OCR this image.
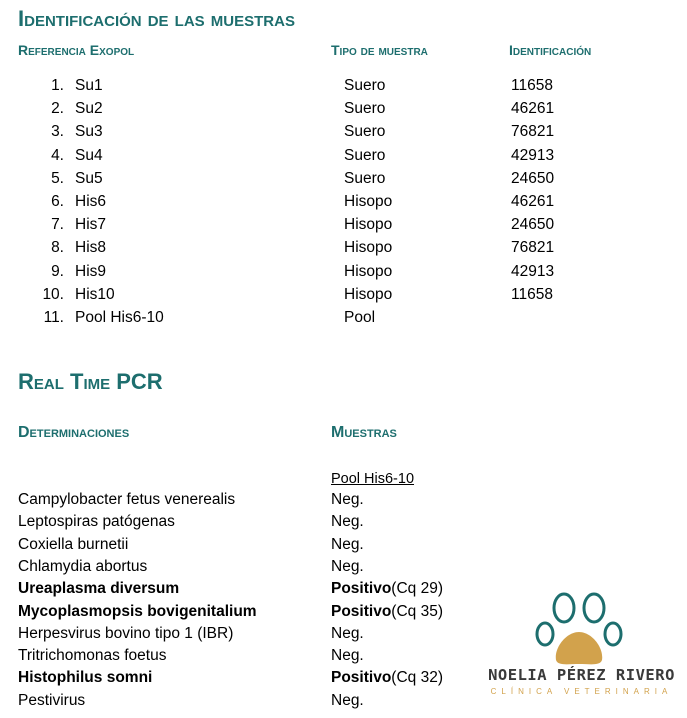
Identificación de las muestras
Referencia Exopol	Tipo de muestra	Identificación
1. Su1	Suero	11658
2. Su2	Suero	46261
3. Su3	Suero	76821
4. Su4	Suero	42913
5. Su5	Suero	24650
6. His6	Hisopo	46261
7. His7	Hisopo	24650
8. His8	Hisopo	76821
9. His9	Hisopo	42913
10. His10	Hisopo	11658
11. Pool His6-10	Pool
Real Time PCR
Determinaciones	Muestras
Pool His6-10
Campylobacter fetus venerealis	Neg.
Leptospiras patógenas	Neg.
Coxiella burnetii	Neg.
Chlamydia abortus	Neg.
Ureaplasma diversum	Positivo(Cq 29)
Mycoplasmopsis bovigenitalium	Positivo(Cq 35)
Herpesvirus bovino tipo 1 (IBR)	Neg.
Tritrichomonas foetus	Neg.
Histophilus somni	Positivo(Cq 32)
Pestivirus	Neg.
NOELIA PÉREZ RIVERO
CLÍNICA VETERINARIA
